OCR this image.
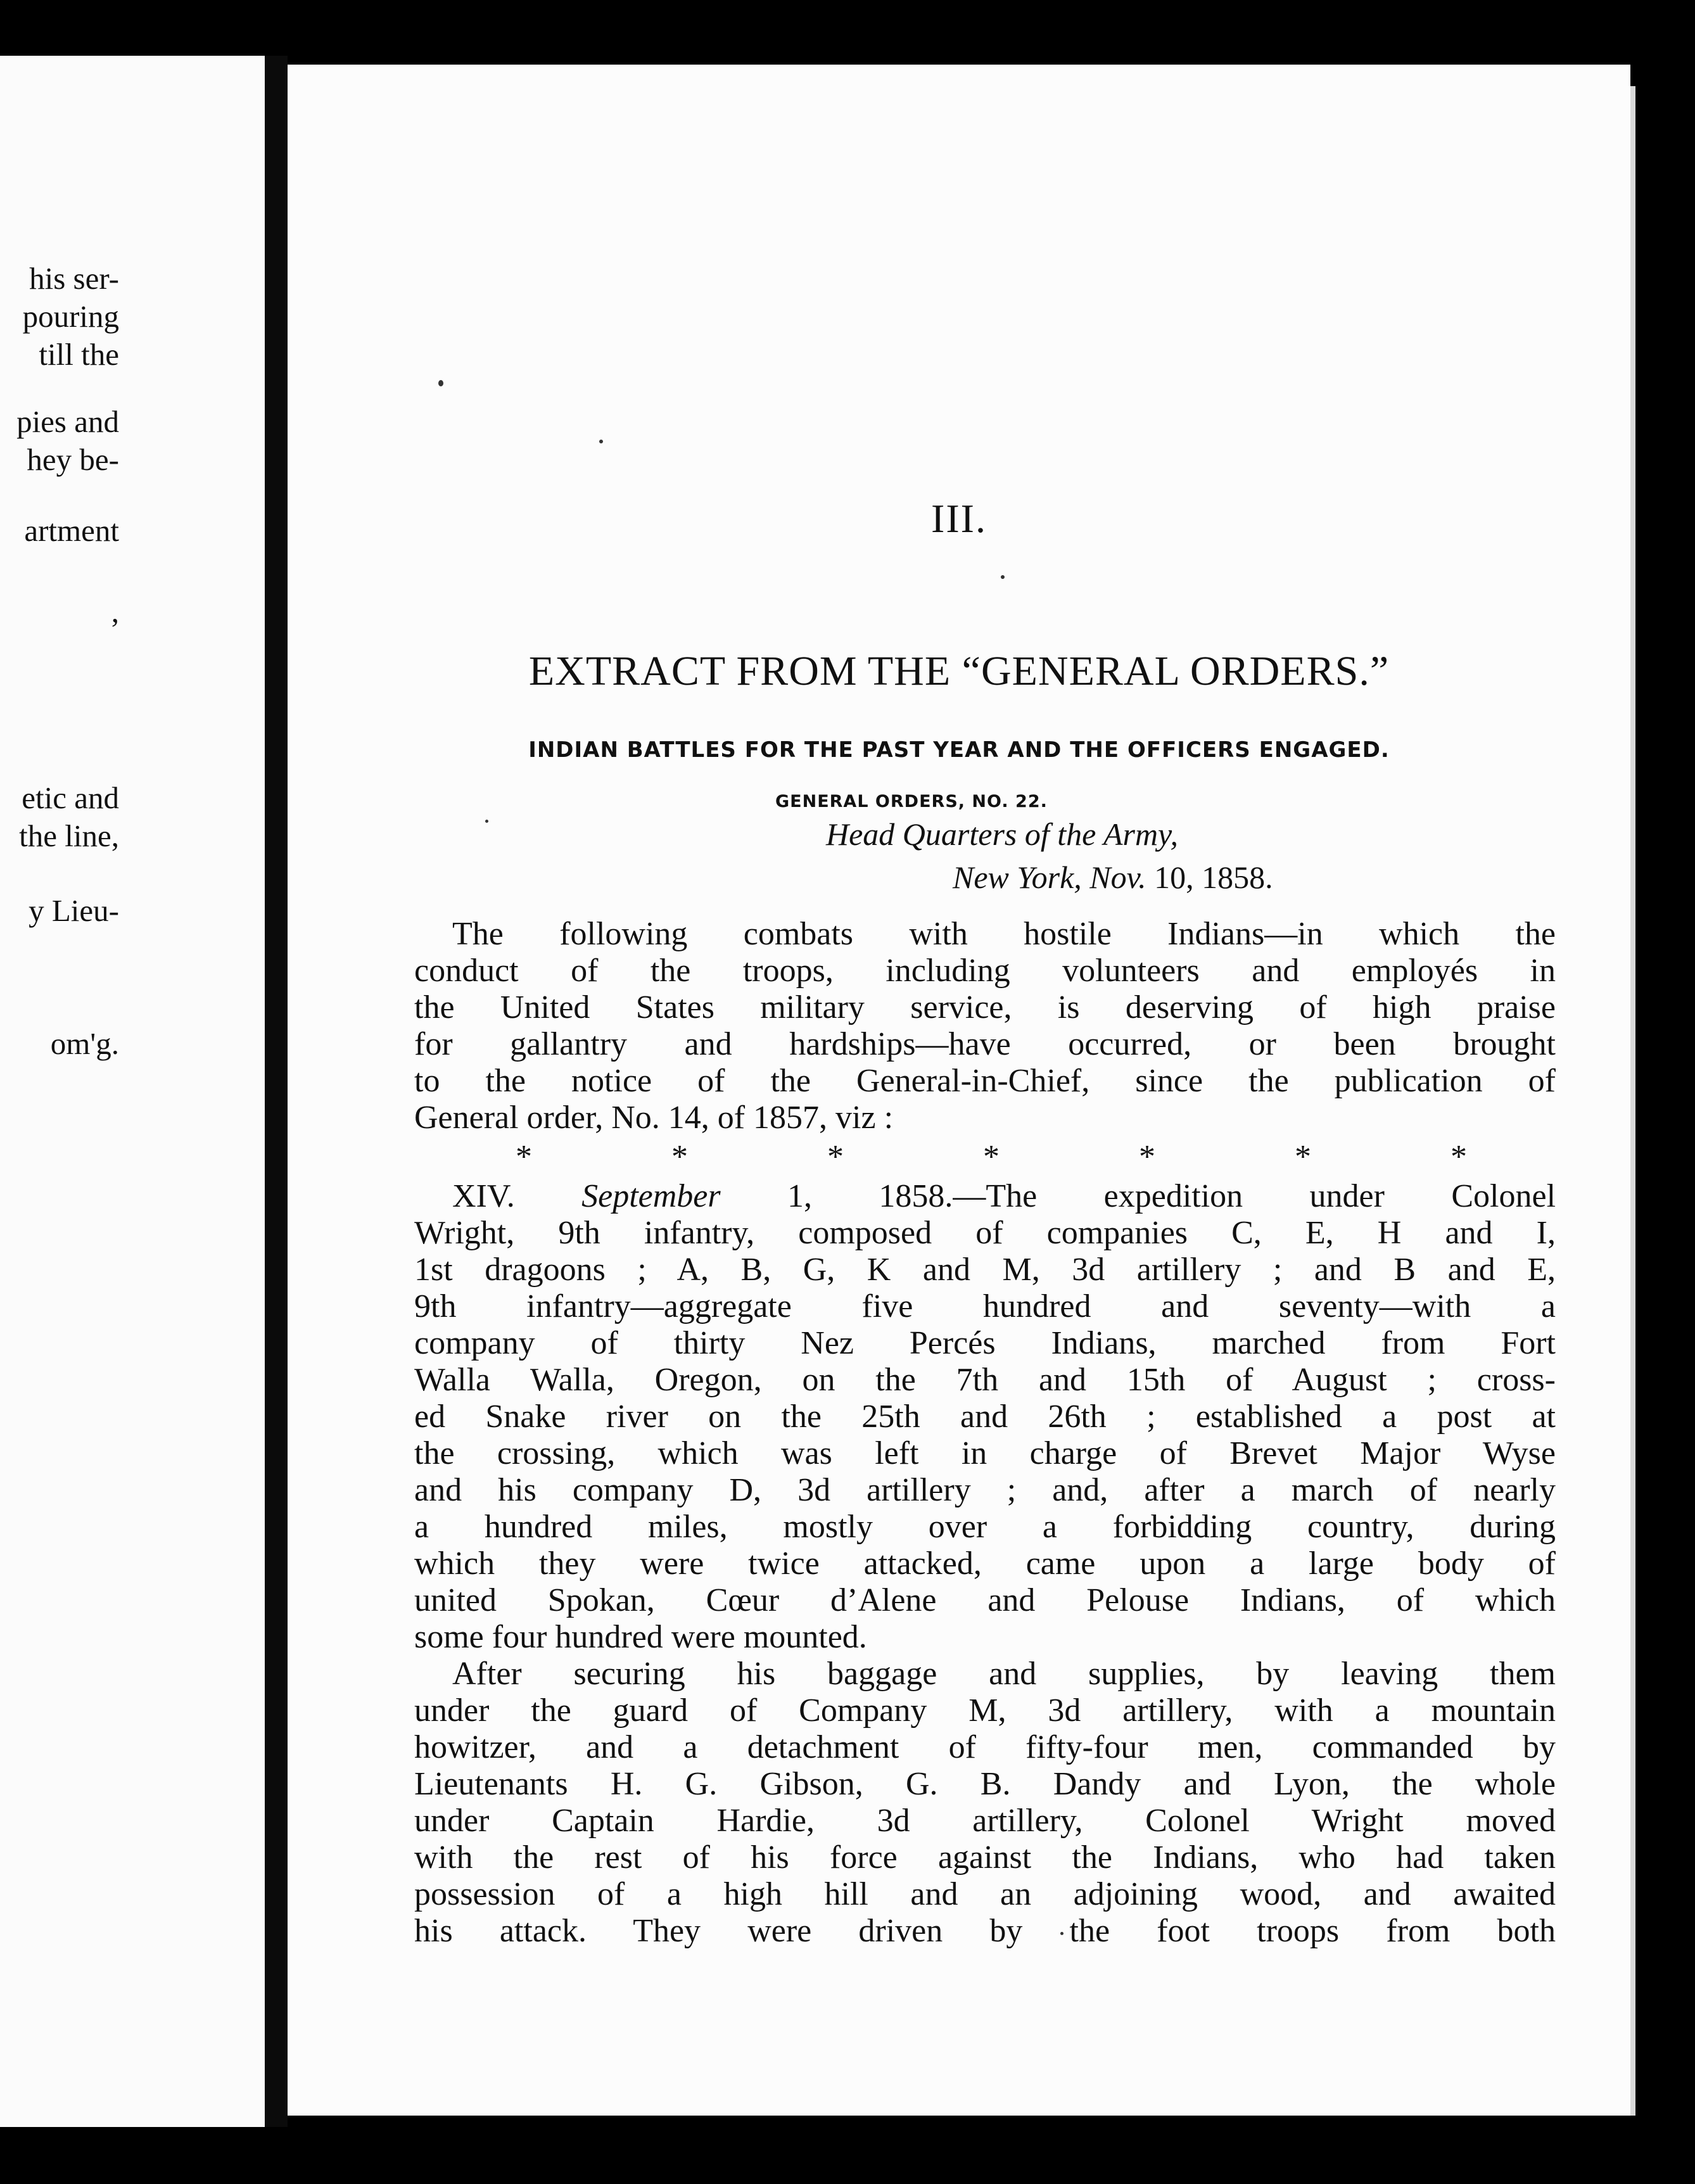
his ser-
pouring
till the
pies and
hey be-
artment
,
etic and
the line,
y Lieu-
om'g.
III.
EXTRACT FROM THE “GENERAL ORDERS.”
INDIAN BATTLES FOR THE PAST YEAR AND THE OFFICERS ENGAGED.
GENERAL ORDERS, NO. 22.
Head Quarters of the Army,
New York, Nov. 10, 1858.
The following combats with hostile Indians—in which the
conduct of the troops, including volunteers and employés in
the United States military service, is deserving of high praise
for gallantry and hardships—have occurred, or been brought
to the notice of the General-in-Chief, since the publication of
General order, No. 14, of 1857, viz :
*	*	*	*	*	*	*
XIV. September 1, 1858.—The expedition under Colonel
Wright, 9th infantry, composed of companies C, E, H and I,
1st dragoons ; A, B, G, K and M, 3d artillery ; and B and E,
9th infantry—aggregate five hundred and seventy—with a
company of thirty Nez Percés Indians, marched from Fort
Walla Walla, Oregon, on the 7th and 15th of August ; cross-
ed Snake river on the 25th and 26th ; established a post at
the crossing, which was left in charge of Brevet Major Wyse
and his company D, 3d artillery ; and, after a march of nearly
a hundred miles, mostly over a forbidding country, during
which they were twice attacked, came upon a large body of
united Spokan, Cœur d’Alene and Pelouse Indians, of which
some four hundred were mounted.
After securing his baggage and supplies, by leaving them
under the guard of Company M, 3d artillery, with a mountain
howitzer, and a detachment of fifty-four men, commanded by
Lieutenants H. G. Gibson, G. B. Dandy and Lyon, the whole
under Captain Hardie, 3d artillery, Colonel Wright moved
with the rest of his force against the Indians, who had taken
possession of a high hill and an adjoining wood, and awaited
his attack. They were driven by the foot troops from both
